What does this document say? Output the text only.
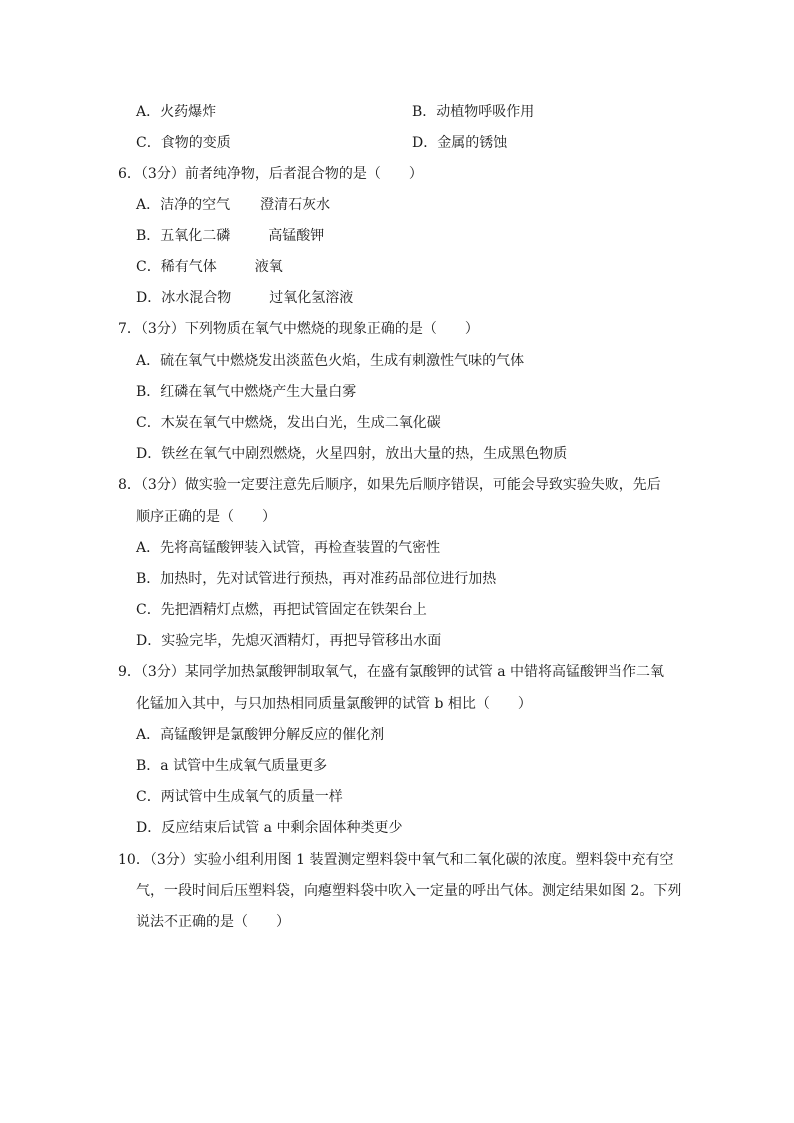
A．火药爆炸	B．动植物呼吸作用
C．食物的变质	D．金属的锈蚀
6．（3分）前者纯净物，后者混合物的是（　　）
A．洁净的空气 澄清石灰水
B．五氧化二磷	高锰酸钾
C．稀有气体	液氧
D．冰水混合物	过氧化氢溶液
7．（3分）下列物质在氧气中燃烧的现象正确的是（　　）
A．硫在氧气中燃烧发出淡蓝色火焰，生成有刺激性气味的气体
B．红磷在氧气中燃烧产生大量白雾
C．木炭在氧气中燃烧，发出白光，生成二氧化碳
D．铁丝在氧气中剧烈燃烧，火星四射，放出大量的热，生成黑色物质
8．（3分）做实验一定要注意先后顺序，如果先后顺序错误，可能会导致实验失败，先后
顺序正确的是（　　）
A．先将高锰酸钾装入试管，再检查装置的气密性
B．加热时，先对试管进行预热，再对准药品部位进行加热
C．先把酒精灯点燃，再把试管固定在铁架台上
D．实验完毕，先熄灭酒精灯，再把导管移出水面
9．（3分）某同学加热氯酸钾制取氧气，在盛有氯酸钾的试管 a 中错将高锰酸钾当作二氧
化锰加入其中，与只加热相同质量氯酸钾的试管 b 相比（　　）
A．高锰酸钾是氯酸钾分解反应的催化剂
B．a 试管中生成氧气质量更多
C．两试管中生成氧气的质量一样
D．反应结束后试管 a 中剩余固体种类更少
10．（3分）实验小组利用图 1 装置测定塑料袋中氧气和二氧化碳的浓度。塑料袋中充有空
气，一段时间后压塑料袋，向瘪塑料袋中吹入一定量的呼出气体。测定结果如图 2。下列
说法不正确的是（　　）
